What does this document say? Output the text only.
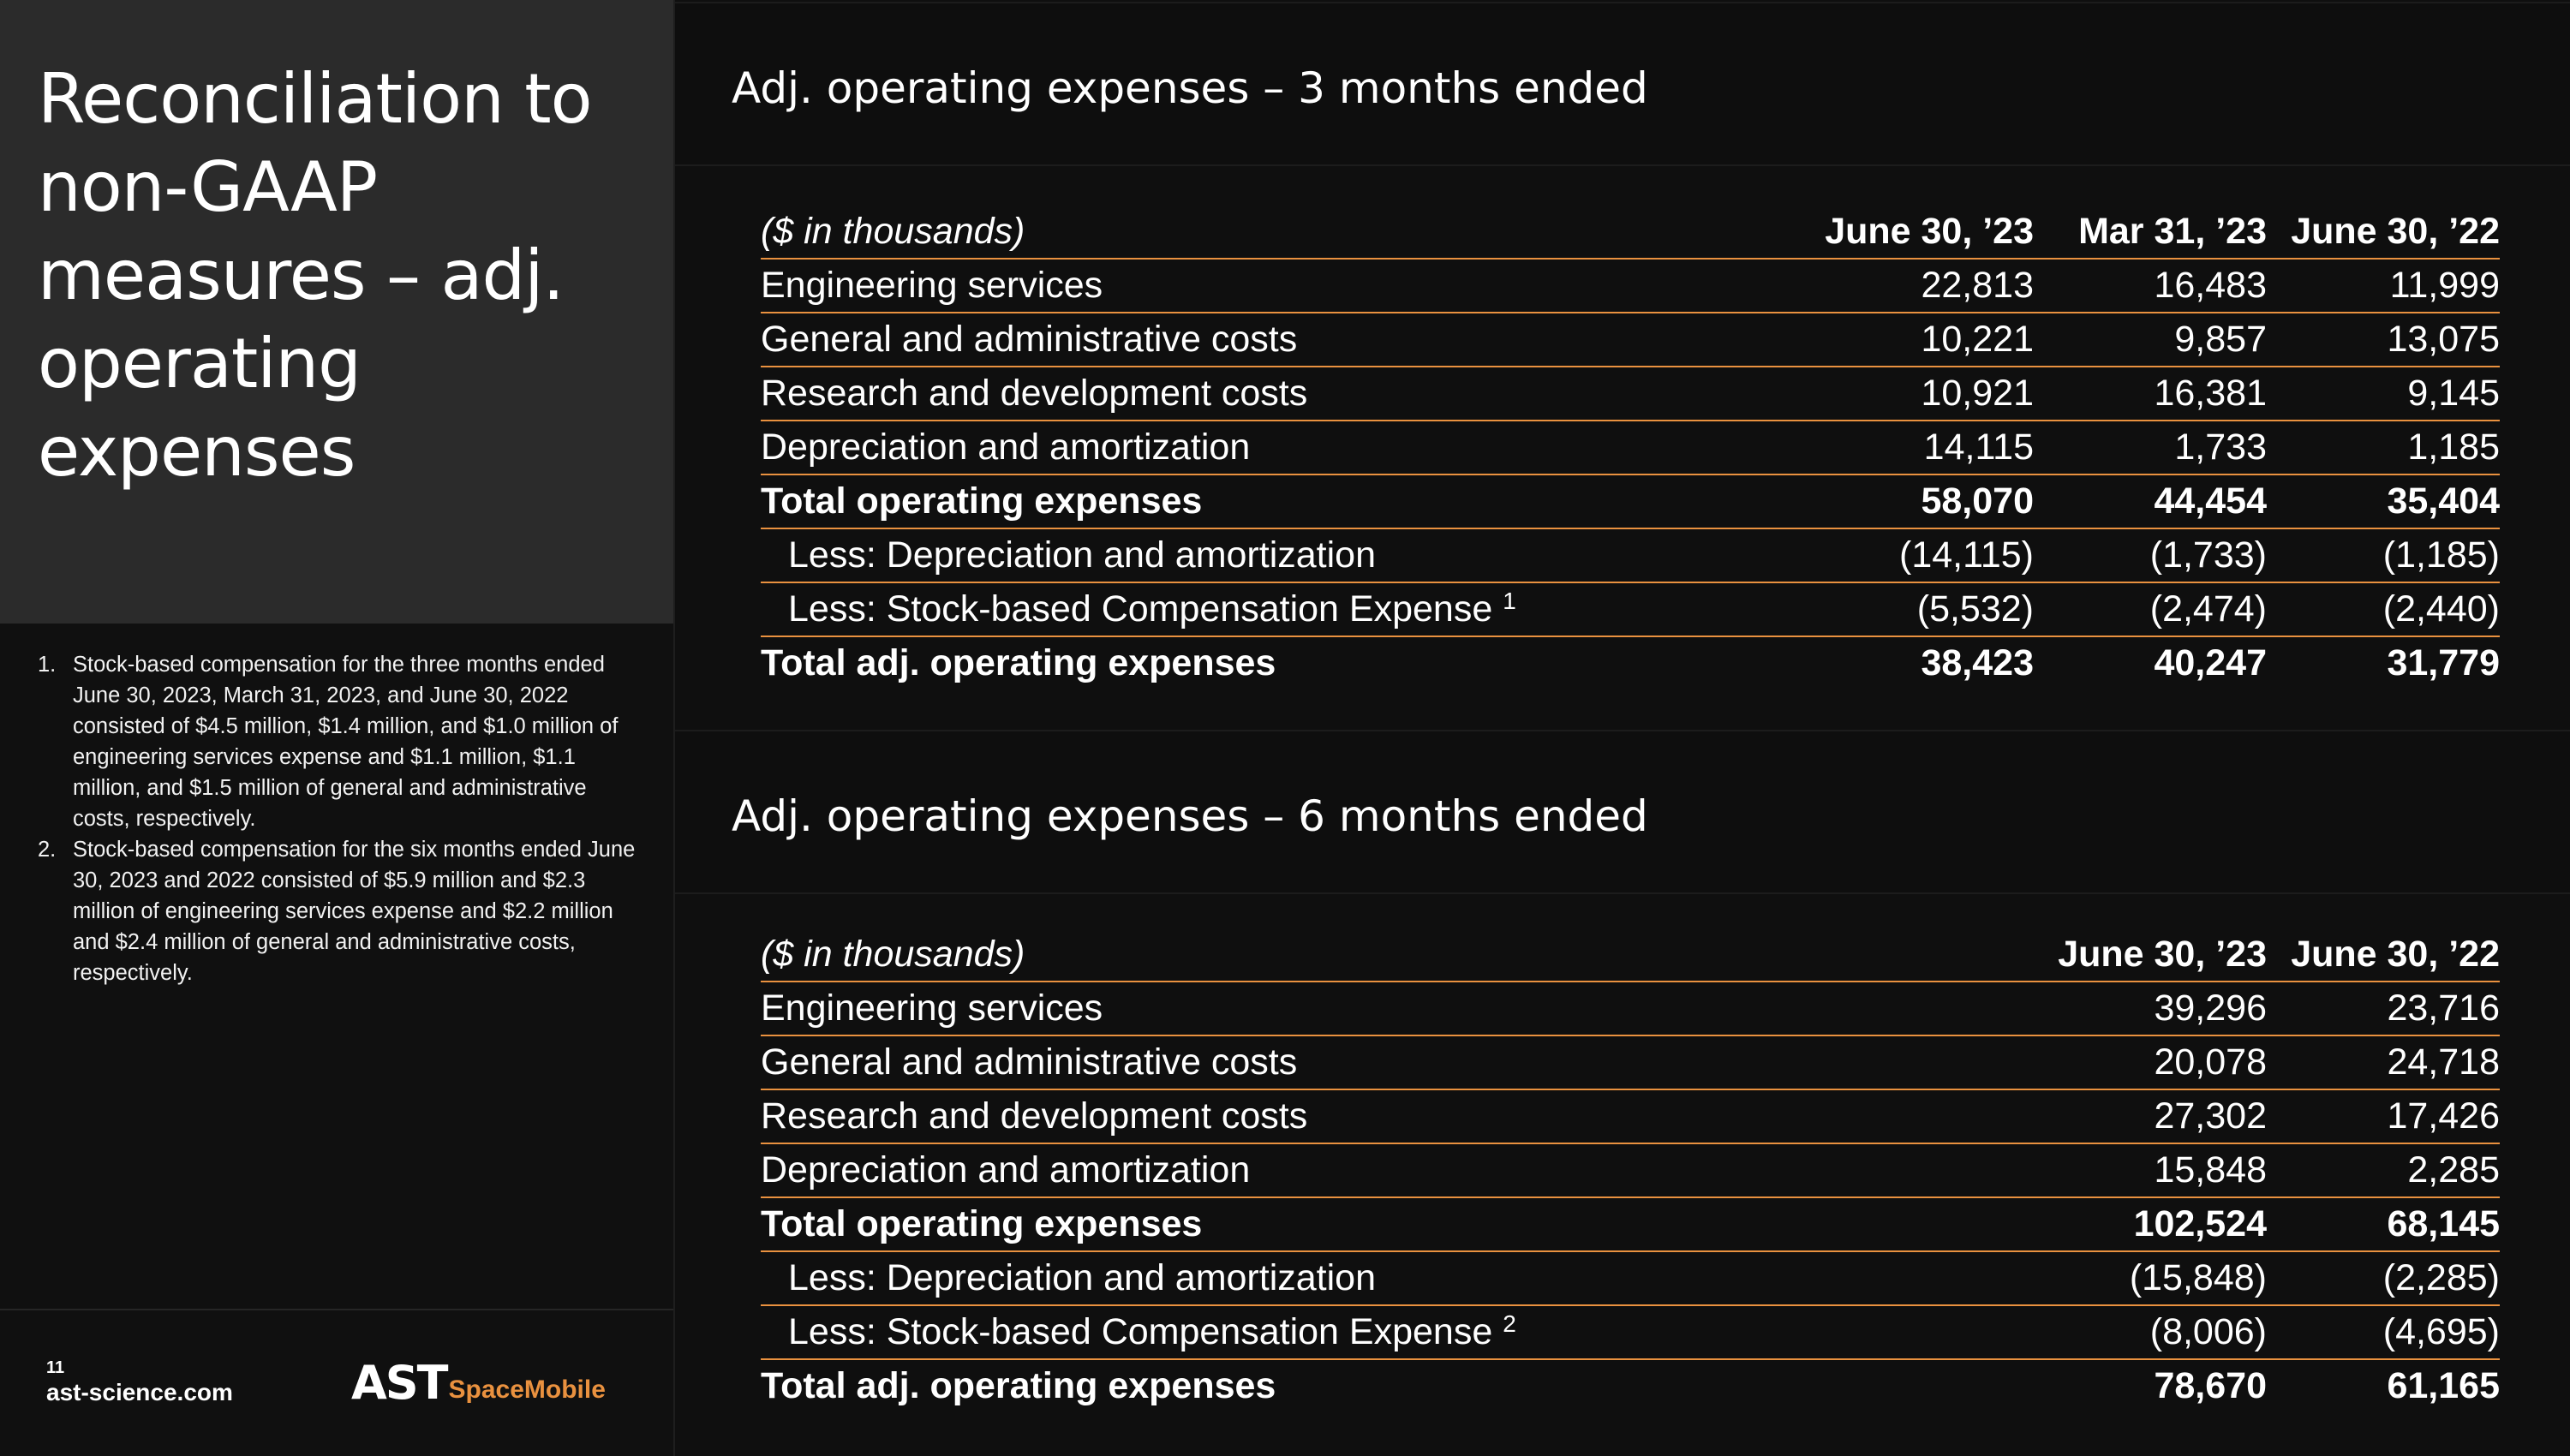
Reconciliation to non-GAAP measures – adj. operating expenses
1. Stock-based compensation for the three months ended June 30, 2023, March 31, 2023, and June 30, 2022 consisted of $4.5 million, $1.4 million, and $1.0 million of engineering services expense and $1.1 million, $1.1 million, and $1.5 million of general and administrative costs, respectively.
2. Stock-based compensation for the six months ended June 30, 2023 and 2022 consisted of $5.9 million and $2.3 million of engineering services expense and $2.2 million and $2.4 million of general and administrative costs, respectively.
11
ast-science.com	AST SpaceMobile
Adj. operating expenses – 3 months ended
($ in thousands)	June 30, ’23	Mar 31, ’23	June 30, ’22
Engineering services	22,813	16,483	11,999
General and administrative costs	10,221	9,857	13,075
Research and development costs	10,921	16,381	9,145
Depreciation and amortization	14,115	1,733	1,185
Total operating expenses	58,070	44,454	35,404
Less: Depreciation and amortization	(14,115)	(1,733)	(1,185)
Less: Stock-based Compensation Expense $^1$	(5,532)	(2,474)	(2,440)
Total adj. operating expenses	38,423	40,247	31,779
Adj. operating expenses – 6 months ended
($ in thousands)	June 30, ’23	June 30, ’22
Engineering services	39,296	23,716
General and administrative costs	20,078	24,718
Research and development costs	27,302	17,426
Depreciation and amortization	15,848	2,285
Total operating expenses	102,524	68,145
Less: Depreciation and amortization	(15,848)	(2,285)
Less: Stock-based Compensation Expense $^2$	(8,006)	(4,695)
Total adj. operating expenses	78,670	61,165
